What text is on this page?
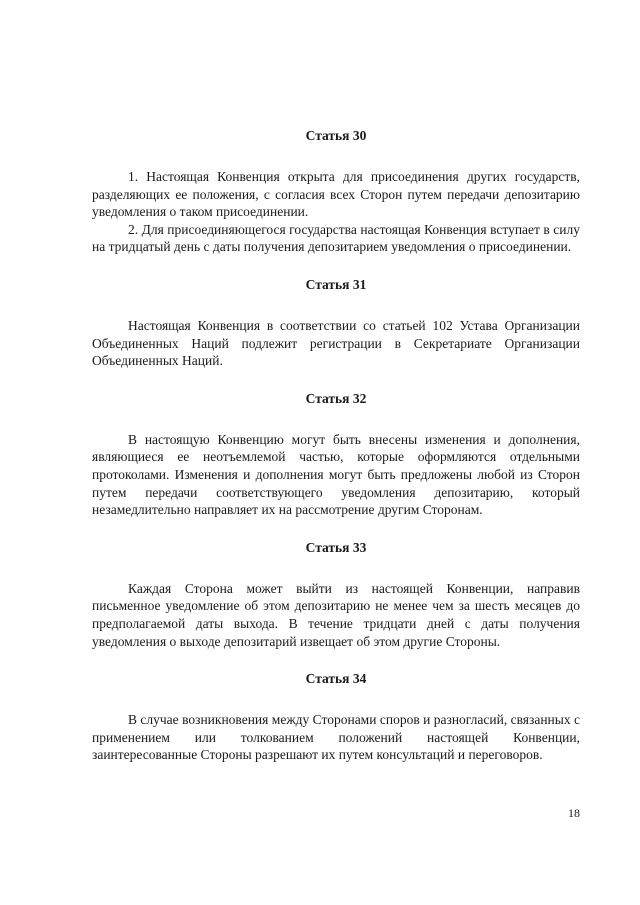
Статья 30

1. Настоящая Конвенция открыта для присоединения других государств, разделяющих ее положения, с согласия всех Сторон путем передачи депозитарию уведомления о таком присоединении.

2. Для присоединяющегося государства настоящая Конвенция вступает в силу на тридцатый день с даты получения депозитарием уведомления о присоединении.

Статья 31

Настоящая Конвенция в соответствии со статьей 102 Устава Организации Объединенных Наций подлежит регистрации в Секретариате Организации Объединенных Наций.

Статья 32

В настоящую Конвенцию могут быть внесены изменения и дополнения, являющиеся ее неотъемлемой частью, которые оформляются отдельными протоколами. Изменения и дополнения могут быть предложены любой из Сторон путем передачи соответствующего уведомления депозитарию, который незамедлительно направляет их на рассмотрение другим Сторонам.

Статья 33

Каждая Сторона может выйти из настоящей Конвенции, направив письменное уведомление об этом депозитарию не менее чем за шесть месяцев до предполагаемой даты выхода. В течение тридцати дней с даты получения уведомления о выходе депозитарий извещает об этом другие Стороны.

Статья 34

В случае возникновения между Сторонами споров и разногласий, связанных с применением или толкованием положений настоящей Конвенции, заинтересованные Стороны разрешают их путем консультаций и переговоров.

18
